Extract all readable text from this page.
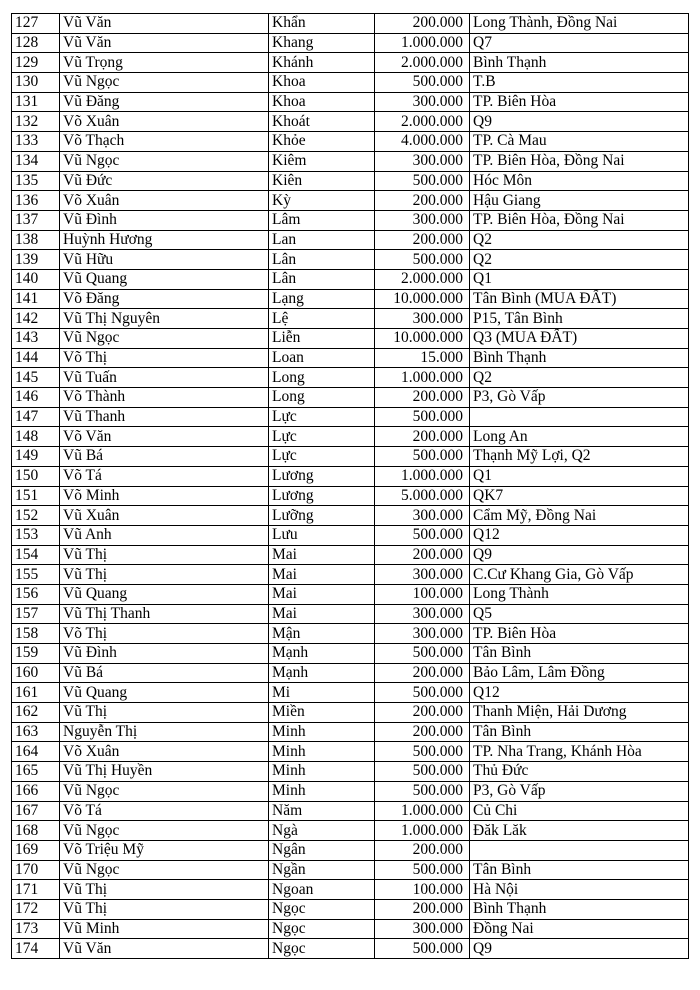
127	Vũ Văn	Khẩn	200.000	Long Thành, Đồng Nai
128	Vũ Văn	Khang	1.000.000	Q7
129	Vũ Trọng	Khánh	2.000.000	Bình Thạnh
130	Vũ Ngọc	Khoa	500.000	T.B
131	Vũ Đăng	Khoa	300.000	TP. Biên Hòa
132	Võ Xuân	Khoát	2.000.000	Q9
133	Võ Thạch	Khỏe	4.000.000	TP. Cà Mau
134	Vũ Ngọc	Kiêm	300.000	TP. Biên Hòa, Đồng Nai
135	Vũ Đức	Kiên	500.000	Hóc Môn
136	Võ Xuân	Kỳ	200.000	Hậu Giang
137	Vũ Đình	Lâm	300.000	TP. Biên Hòa, Đồng Nai
138	Huỳnh Hương	Lan	200.000	Q2
139	Vũ Hữu	Lân	500.000	Q2
140	Vũ Quang	Lân	2.000.000	Q1
141	Võ Đăng	Lạng	10.000.000	Tân Bình (MUA ĐẤT)
142	Vũ Thị Nguyên	Lệ	300.000	P15, Tân Bình
143	Vũ Ngọc	Liễn	10.000.000	Q3 (MUA ĐẤT)
144	Võ Thị	Loan	15.000	Bình Thạnh
145	Vũ Tuấn	Long	1.000.000	Q2
146	Võ Thành	Long	200.000	P3, Gò Vấp
147	Vũ Thanh	Lực	500.000	
148	Võ Văn	Lực	200.000	Long An
149	Vũ Bá	Lực	500.000	Thạnh Mỹ Lợi, Q2
150	Võ Tá	Lương	1.000.000	Q1
151	Võ Minh	Lương	5.000.000	QK7
152	Vũ Xuân	Lưỡng	300.000	Cẩm Mỹ, Đồng Nai
153	Vũ Anh	Lưu	500.000	Q12
154	Vũ Thị	Mai	200.000	Q9
155	Vũ Thị	Mai	300.000	C.Cư Khang Gia, Gò Vấp
156	Vũ Quang	Mai	100.000	Long Thành
157	Vũ Thị Thanh	Mai	300.000	Q5
158	Võ Thị	Mận	300.000	TP. Biên Hòa
159	Vũ Đình	Mạnh	500.000	Tân Bình
160	Vũ Bá	Mạnh	200.000	Bảo Lâm, Lâm Đồng
161	Vũ Quang	Mi	500.000	Q12
162	Vũ Thị	Miền	200.000	Thanh Miện, Hải Dương
163	Nguyễn Thị	Minh	200.000	Tân Bình
164	Võ Xuân	Minh	500.000	TP. Nha Trang, Khánh Hòa
165	Vũ Thị Huyền	Minh	500.000	Thủ Đức
166	Vũ Ngọc	Minh	500.000	P3, Gò Vấp
167	Võ Tá	Năm	1.000.000	Củ Chi
168	Vũ Ngọc	Ngà	1.000.000	Đăk Lăk
169	Võ Triệu Mỹ	Ngân	200.000	
170	Vũ Ngọc	Ngần	500.000	Tân Bình
171	Vũ Thị	Ngoan	100.000	Hà Nội
172	Vũ Thị	Ngọc	200.000	Bình Thạnh
173	Vũ Minh	Ngọc	300.000	Đồng Nai
174	Vũ Văn	Ngọc	500.000	Q9
